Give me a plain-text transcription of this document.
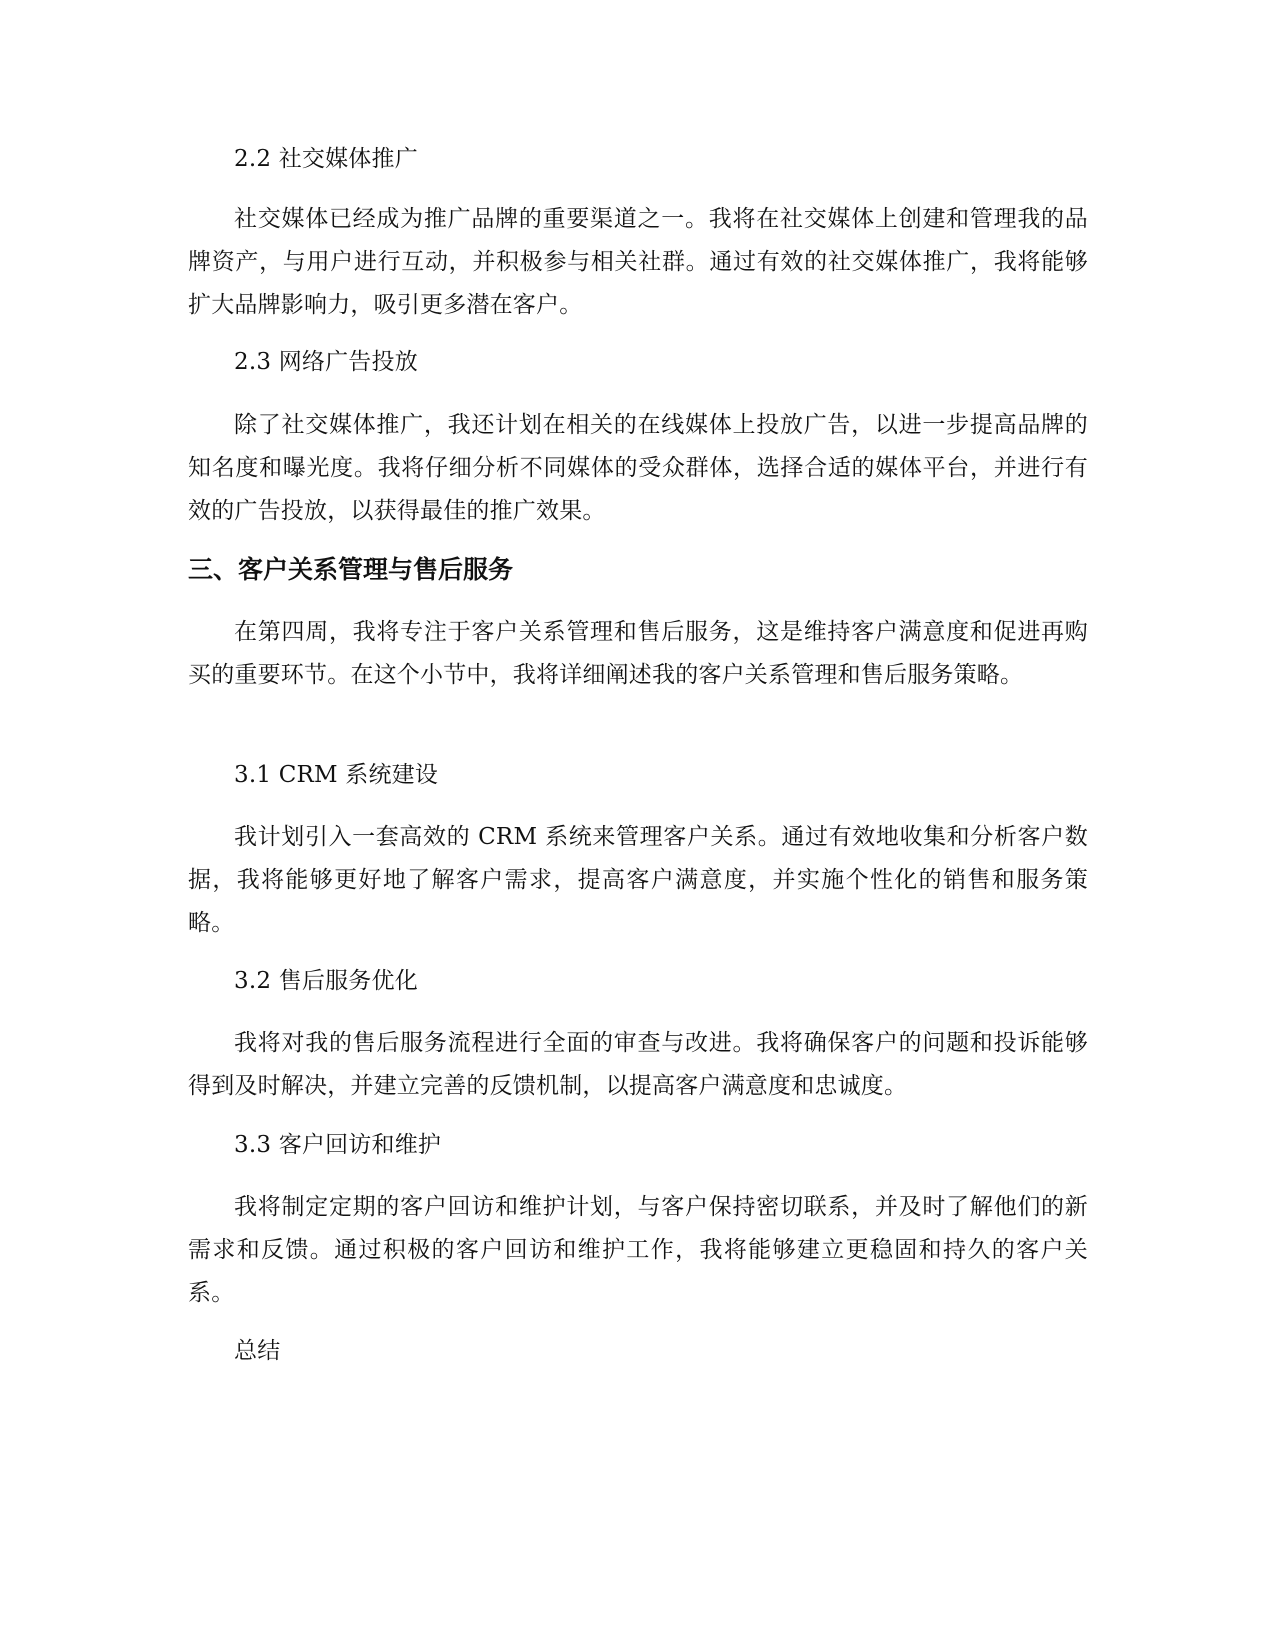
2.2 社交媒体推广

社交媒体已经成为推广品牌的重要渠道之一。我将在社交媒体上创建和管理我的品牌资产，与用户进行互动，并积极参与相关社群。通过有效的社交媒体推广，我将能够扩大品牌影响力，吸引更多潜在客户。

2.3 网络广告投放

除了社交媒体推广，我还计划在相关的在线媒体上投放广告，以进一步提高品牌的知名度和曝光度。我将仔细分析不同媒体的受众群体，选择合适的媒体平台，并进行有效的广告投放，以获得最佳的推广效果。

三、客户关系管理与售后服务

在第四周，我将专注于客户关系管理和售后服务，这是维持客户满意度和促进再购买的重要环节。在这个小节中，我将详细阐述我的客户关系管理和售后服务策略。

3.1 CRM 系统建设

我计划引入一套高效的 CRM 系统来管理客户关系。通过有效地收集和分析客户数据，我将能够更好地了解客户需求，提高客户满意度，并实施个性化的销售和服务策略。

3.2 售后服务优化

我将对我的售后服务流程进行全面的审查与改进。我将确保客户的问题和投诉能够得到及时解决，并建立完善的反馈机制，以提高客户满意度和忠诚度。

3.3 客户回访和维护

我将制定定期的客户回访和维护计划，与客户保持密切联系，并及时了解他们的新需求和反馈。通过积极的客户回访和维护工作，我将能够建立更稳固和持久的客户关系。

总结
